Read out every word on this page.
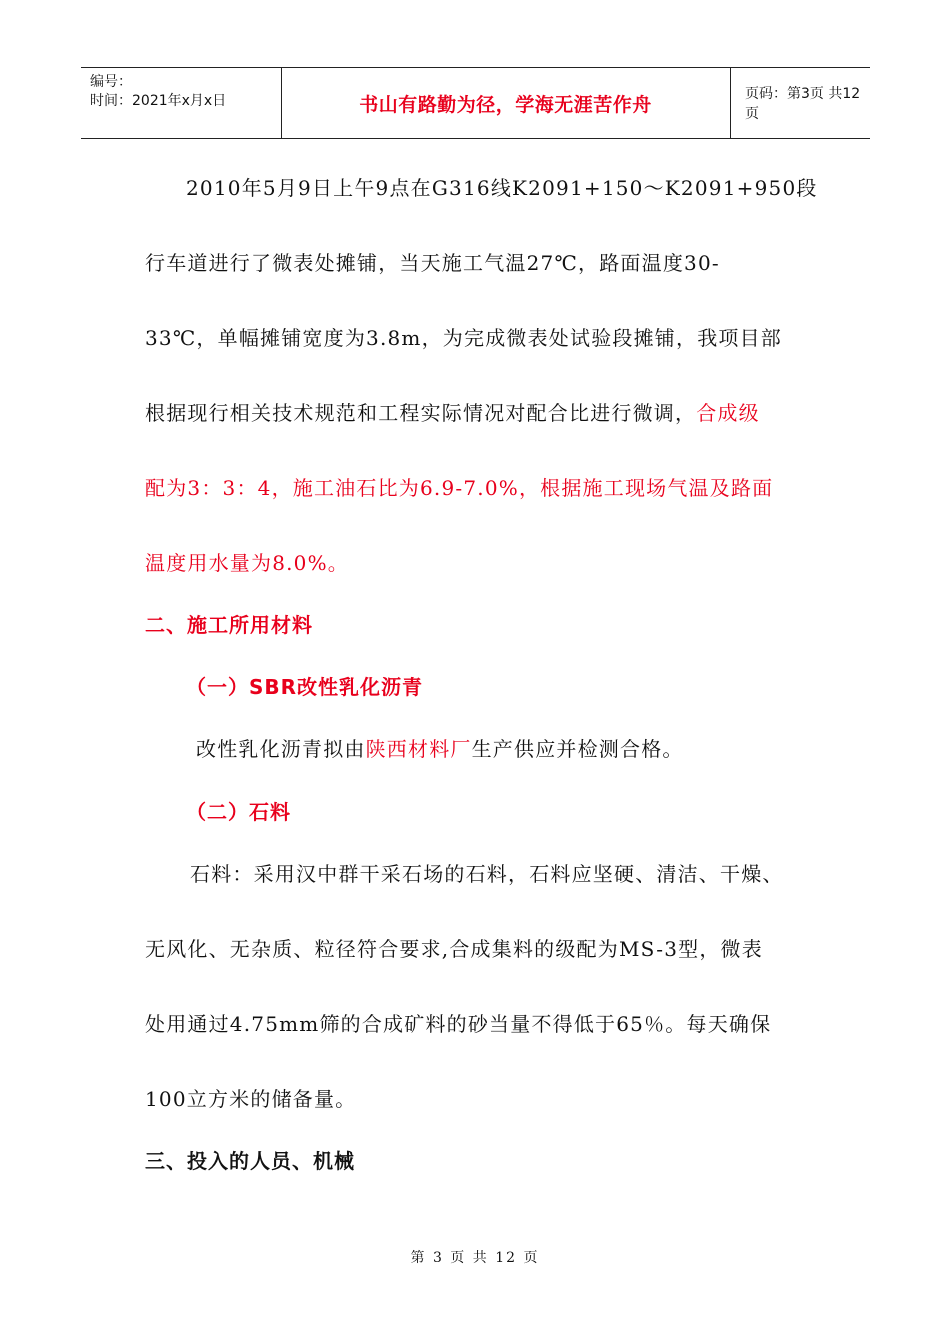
编号：
时间：2021年x月x日	书山有路勤为径，学海无涯苦作舟	页码：第3页 共12页
2010年5月9日上午9点在G316线K2091+150～K2091+950段
行车道进行了微表处摊铺，当天施工气温27℃，路面温度30-
33℃，单幅摊铺宽度为3.8m，为完成微表处试验段摊铺，我项目部
根据现行相关技术规范和工程实际情况对配合比进行微调，合成级
配为3：3：4，施工油石比为6.9-7.0%，根据施工现场气温及路面
温度用水量为8.0%。
二、施工所用材料
（一）SBR改性乳化沥青
改性乳化沥青拟由陕西材料厂生产供应并检测合格。
（二）石料
石料：采用汉中群干采石场的石料，石料应坚硬、清洁、干燥、
无风化、无杂质、粒径符合要求,合成集料的级配为MS-3型，微表
处用通过4.75mm筛的合成矿料的砂当量不得低于65％。每天确保
100立方米的储备量。
三、投入的人员、机械
第 3 页 共 12 页
